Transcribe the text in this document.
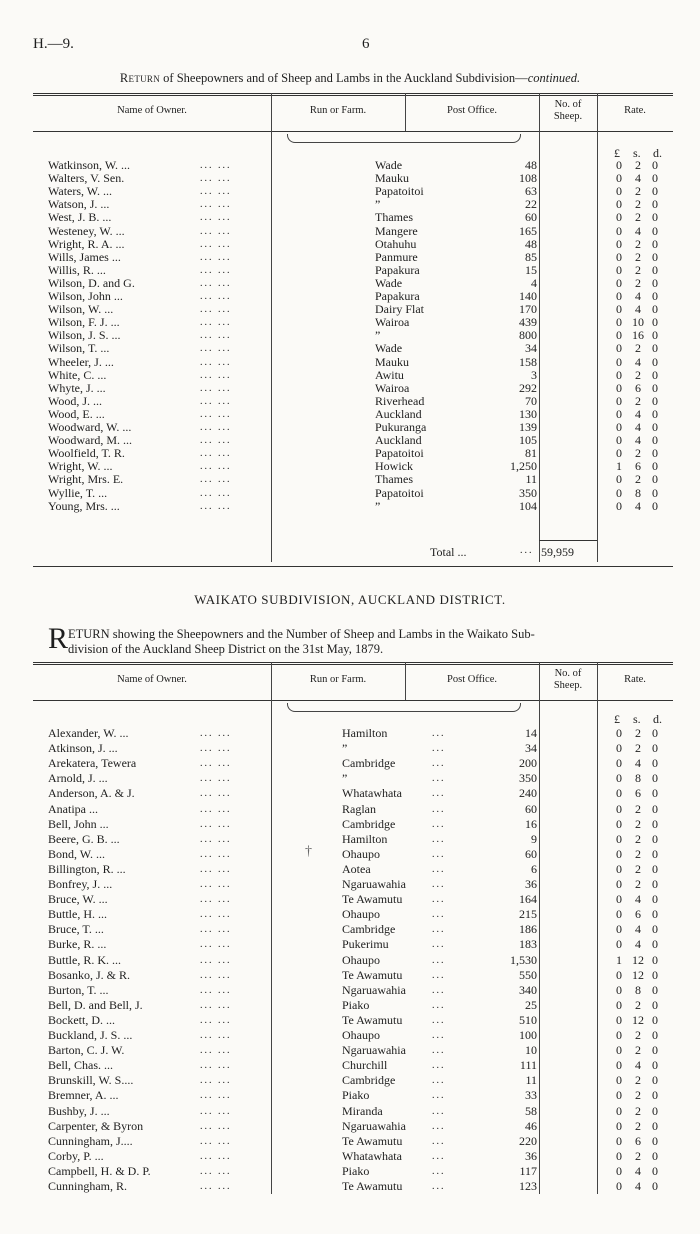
H.—9.	6
Return of Sheepowners and of Sheep and Lambs in the Auckland Subdivision—continued.
Name of Owner.	Run or Farm.	Post Office.
No. of
Sheep.
Rate.
£ s. d.
Watkinson, W. ...	... ...	Wade	48	0	2 0
Walters, V. Sen.	... ...	Mauku	108	0	4 0
Waters, W. ...	... ...	Papatoitoi	63	0	2 0
Watson, J. ...	... ...	”	22	0	2 0
West, J. B. ...	... ...	Thames	60	0	2 0
Westeney, W. ...	... ...	Mangere	165	0	4 0
Wright, R. A. ...	... ...	Otahuhu	48	0	2 0
Wills, James ...	... ...	Panmure	85	0	2 0
Willis, R. ...	... ...	Papakura	15	0	2 0
Wilson, D. and G.	... ...	Wade	4	0	2 0
Wilson, John ...	... ...	Papakura	140	0	4 0
Wilson, W. ...	... ...	Dairy Flat	170	0	4 0
Wilson, F. J. ...	... ...	Wairoa	439	0 10 0
Wilson, J. S. ...	... ...	”	800	0 16 0
Wilson, T. ...	... ...	Wade	34	0	2 0
Wheeler, J. ...	... ...	Mauku	158	0	4 0
White, C. ...	... ...	Awitu	3	0	2 0
Whyte, J. ...	... ...	Wairoa	292	0	6 0
Wood, J. ...	... ...	Riverhead	70	0	2 0
Wood, E. ...	... ...	Auckland	130	0	4 0
Woodward, W. ...	... ...	Pukuranga	139	0	4 0
Woodward, M. ...	... ...	Auckland	105	0	4 0
Woolfield, T. R.	... ...	Papatoitoi	81	0	2 0
Wright, W. ...	... ...	Howick	1,250	1	6 0
Wright, Mrs. E.	... ...	Thames	11	0	2 0
Wyllie, T. ...	... ...	Papatoitoi	350	0	8 0
Young, Mrs. ...	... ...	”	104	0	4 0
Total ...	... 59,959
WAIKATO SUBDIVISION, AUCKLAND DISTRICT.
R ETURN showing the Sheepowners and the Number of Sheep and Lambs in the Waikato Sub-
division of the Auckland Sheep District on the 31st May, 1879.
Name of Owner.	Run or Farm.	Post Office.
No. of
Sheep.
Rate.
£ s. d.
Alexander, W. ...	... ...	Hamilton	...	14	0	2 0
Atkinson, J. ...	... ...	”	...	34	0	2 0
Arekatera, Tewera	... ...	Cambridge	...	200	0	4 0
Arnold, J. ...	... ...	”	...	350	0	8 0
Anderson, A. & J.	... ...	Whatawhata	...	240	0	6 0
Anatipa ...	... ...	Raglan	...	60	0	2 0
Bell, John ...	... ...	Cambridge	...	16	0	2 0
Beere, G. B. ...	... ...	Hamilton	...	9	0	2 0
Bond, W. ...	... ...	Ohaupo	...	60	0	2 0
Billington, R. ...	... ...	Aotea	...	6	0	2 0
Bonfrey, J. ...	... ...	Ngaruawahia	...	36	0	2 0
Bruce, W. ...	... ...	Te Awamutu	...	164	0	4 0
Buttle, H. ...	... ...	Ohaupo	...	215	0	6 0
Bruce, T. ...	... ...	Cambridge	...	186	0	4 0
Burke, R. ...	... ...	Pukerimu	...	183	0	4 0
Buttle, R. K. ...	... ...	Ohaupo	...	1,530	1 12 0
Bosanko, J. & R.	... ...	Te Awamutu	...	550	0 12 0
Burton, T. ...	... ...	Ngaruawahia	...	340	0	8 0
Bell, D. and Bell, J.	... ...	Piako	...	25	0	2 0
Bockett, D. ...	... ...	Te Awamutu	...	510	0 12 0
Buckland, J. S. ...	... ...	Ohaupo	...	100	0	2 0
Barton, C. J. W.	... ...	Ngaruawahia	...	10	0	2 0
Bell, Chas. ...	... ...	Churchill	...	111	0	4 0
Brunskill, W. S....	... ...	Cambridge	...	11	0	2 0
Bremner, A. ...	... ...	Piako	...	33	0	2 0
Bushby, J. ...	... ...	Miranda	...	58	0	2 0
Carpenter, & Byron	... ...	Ngaruawahia	...	46	0	2 0
Cunningham, J....	... ...	Te Awamutu	...	220	0	6 0
Corby, P. ...	... ...	Whatawhata	...	36	0	2 0
Campbell, H. & D. P.	... ...	Piako	...	117	0	4 0
Cunningham, R.	... ...	Te Awamutu	...	123	0	4 0
†
